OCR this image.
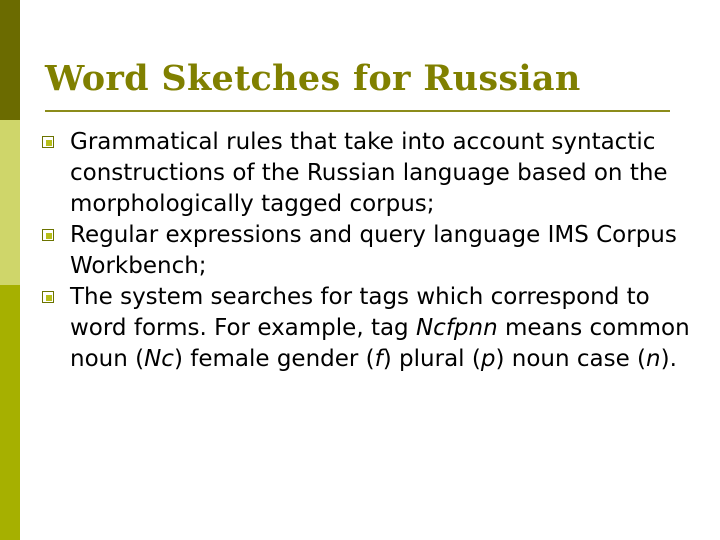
Word Sketches for Russian
Grammatical rules that take into account syntactic constructions of the Russian language based on the morphologically tagged corpus;
Regular expressions and query language IMS Corpus Workbench;
The system searches for tags which correspond to word forms. For example, tag Ncfpnn means common noun (Nc) female gender (f) plural (p) noun case (n).
